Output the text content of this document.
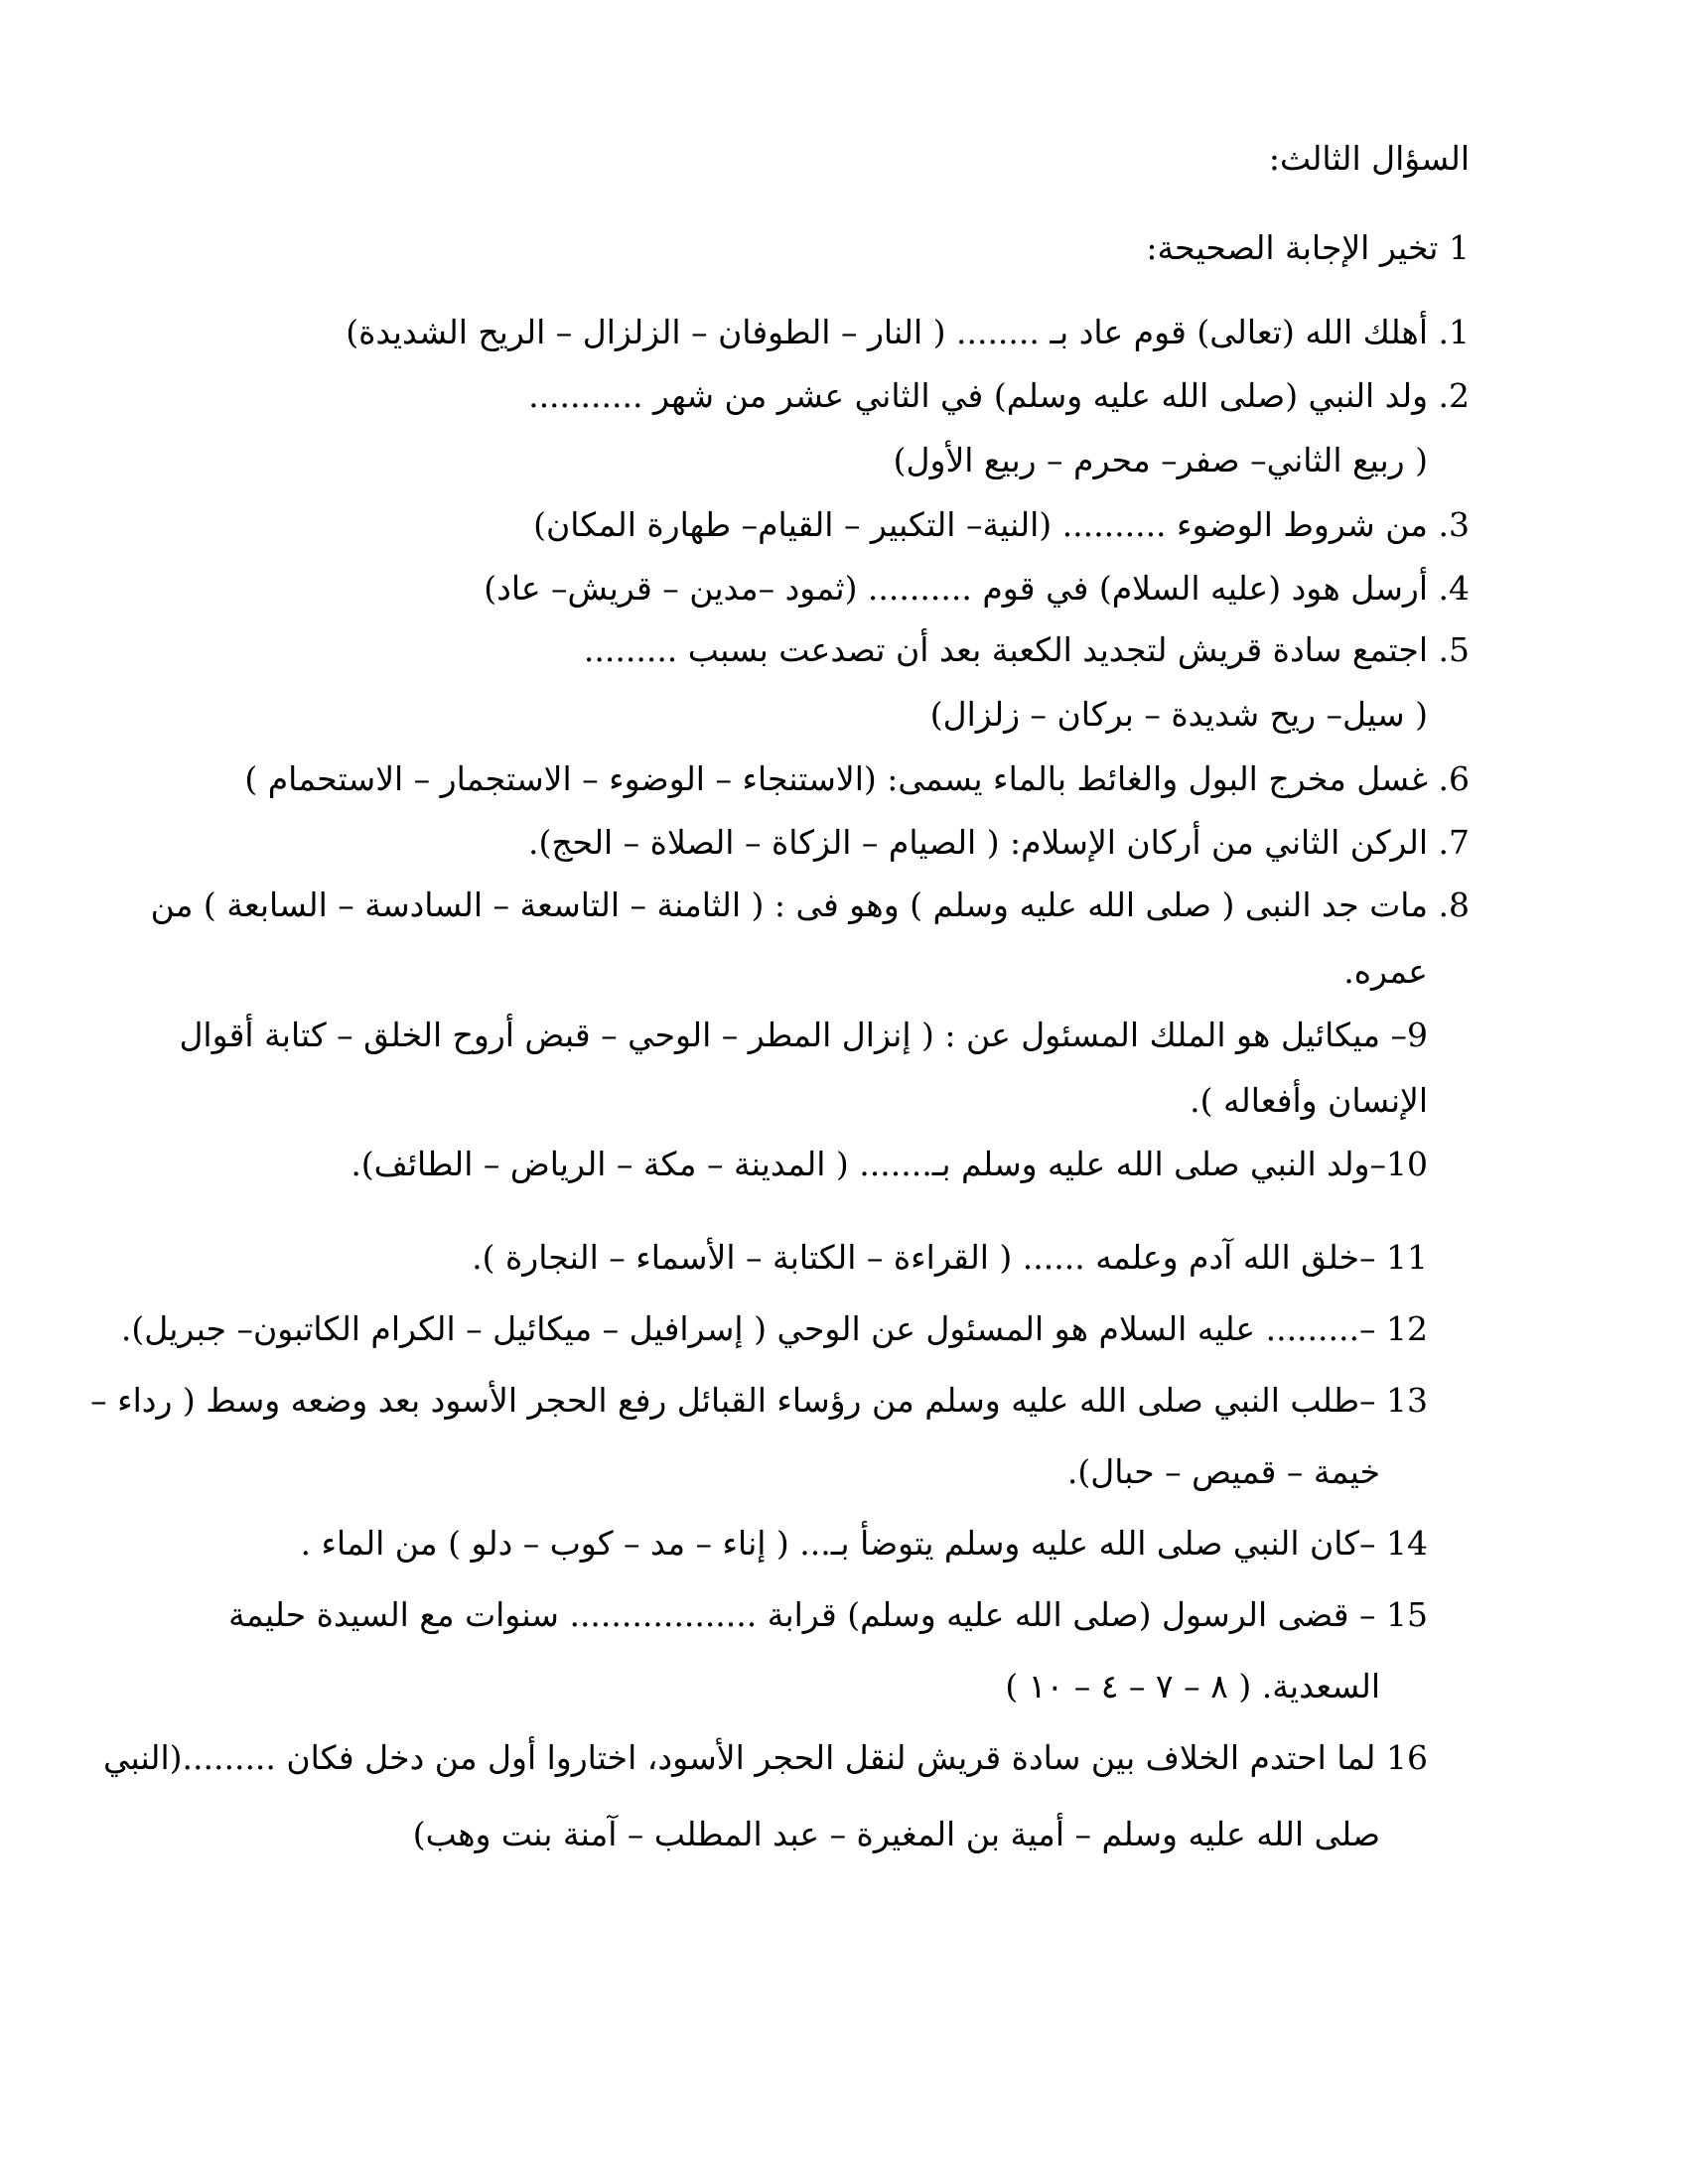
السؤال الثالث:
1 تخير الإجابة الصحيحة:
1. أهلك الله (تعالى) قوم عاد بـ ........ ( النار – الطوفان – الزلزال – الريح الشديدة)
2. ولد النبي (صلى الله عليه وسلم) في الثاني عشر من شهر ...........
( ربيع الثاني– صفر– محرم – ربيع الأول)
3. من شروط الوضوء .......... (النية– التكبير – القيام– طهارة المكان)
4. أرسل هود (عليه السلام) في قوم .......... (ثمود –مدين – قريش– عاد)
5. اجتمع سادة قريش لتجديد الكعبة بعد أن تصدعت بسبب .........
( سيل– ريح شديدة – بركان – زلزال)
6. غسل مخرج البول والغائط بالماء يسمى: (الاستنجاء – الوضوء – الاستجمار – الاستحمام )
7. الركن الثاني من أركان الإسلام: ( الصيام – الزكاة – الصلاة – الحج).
8. مات جد النبى ( صلى الله عليه وسلم ) وهو فى : ( الثامنة – التاسعة – السادسة – السابعة ) من
عمره.
9– ميكائيل هو الملك المسئول عن : ( إنزال المطر – الوحي – قبض أروح الخلق – كتابة أقوال
الإنسان وأفعاله ).
10–ولد النبي صلى الله عليه وسلم بـ....... ( المدينة – مكة – الرياض – الطائف).
11 –خلق الله آدم وعلمه ...... ( القراءة – الكتابة – الأسماء – النجارة ).
12 –......... عليه السلام هو المسئول عن الوحي ( إسرافيل – ميكائيل – الكرام الكاتبون– جبريل).
13 –طلب النبي صلى الله عليه وسلم من رؤساء القبائل رفع الحجر الأسود بعد وضعه وسط ( رداء –
خيمة – قميص – حبال).
14 –كان النبي صلى الله عليه وسلم يتوضأ بـ... ( إناء – مد – كوب – دلو ) من الماء .
15 – قضى الرسول (صلى الله عليه وسلم) قرابة .................. سنوات مع السيدة حليمة
السعدية. ( ٨ – ٧ – ٤ – ١٠ )
16 لما احتدم الخلاف بين سادة قريش لنقل الحجر الأسود، اختاروا أول من دخل فكان .........(النبي
صلى الله عليه وسلم – أمية بن المغيرة – عبد المطلب – آمنة بنت وهب)
